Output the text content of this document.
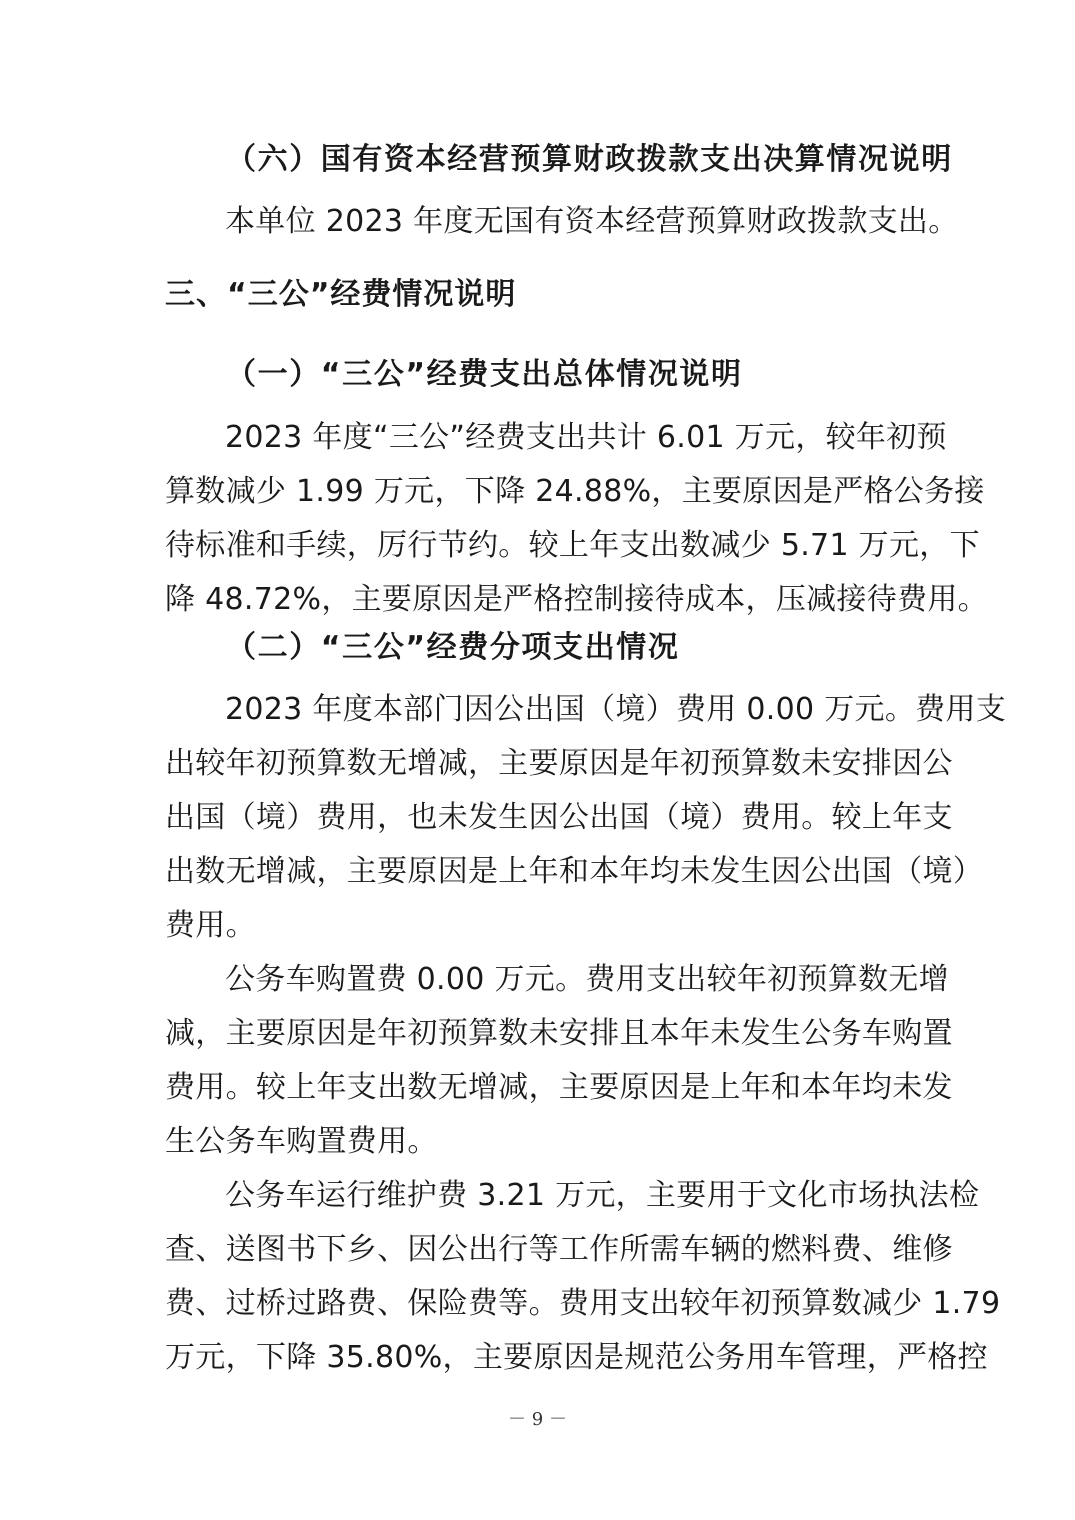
（六）国有资本经营预算财政拨款支出决算情况说明
本单位 2023 年度无国有资本经营预算财政拨款支出。
三、“三公”经费情况说明
（一）“三公”经费支出总体情况说明
2023 年度“三公”经费支出共计 6.01 万元，较年初预
算数减少 1.99 万元，下降 24.88%，主要原因是严格公务接
待标准和手续，厉行节约。较上年支出数减少 5.71 万元，下
降 48.72%，主要原因是严格控制接待成本，压减接待费用。
（二）“三公”经费分项支出情况
2023 年度本部门因公出国（境）费用 0.00 万元。费用支
出较年初预算数无增减，主要原因是年初预算数未安排因公
出国（境）费用，也未发生因公出国（境）费用。较上年支
出数无增减，主要原因是上年和本年均未发生因公出国（境）
费用。
公务车购置费 0.00 万元。费用支出较年初预算数无增
减，主要原因是年初预算数未安排且本年未发生公务车购置
费用。较上年支出数无增减，主要原因是上年和本年均未发
生公务车购置费用。
公务车运行维护费 3.21 万元，主要用于文化市场执法检
查、送图书下乡、因公出行等工作所需车辆的燃料费、维修
费、过桥过路费、保险费等。费用支出较年初预算数减少 1.79
万元，下降 35.80%，主要原因是规范公务用车管理，严格控
－ 9 －
